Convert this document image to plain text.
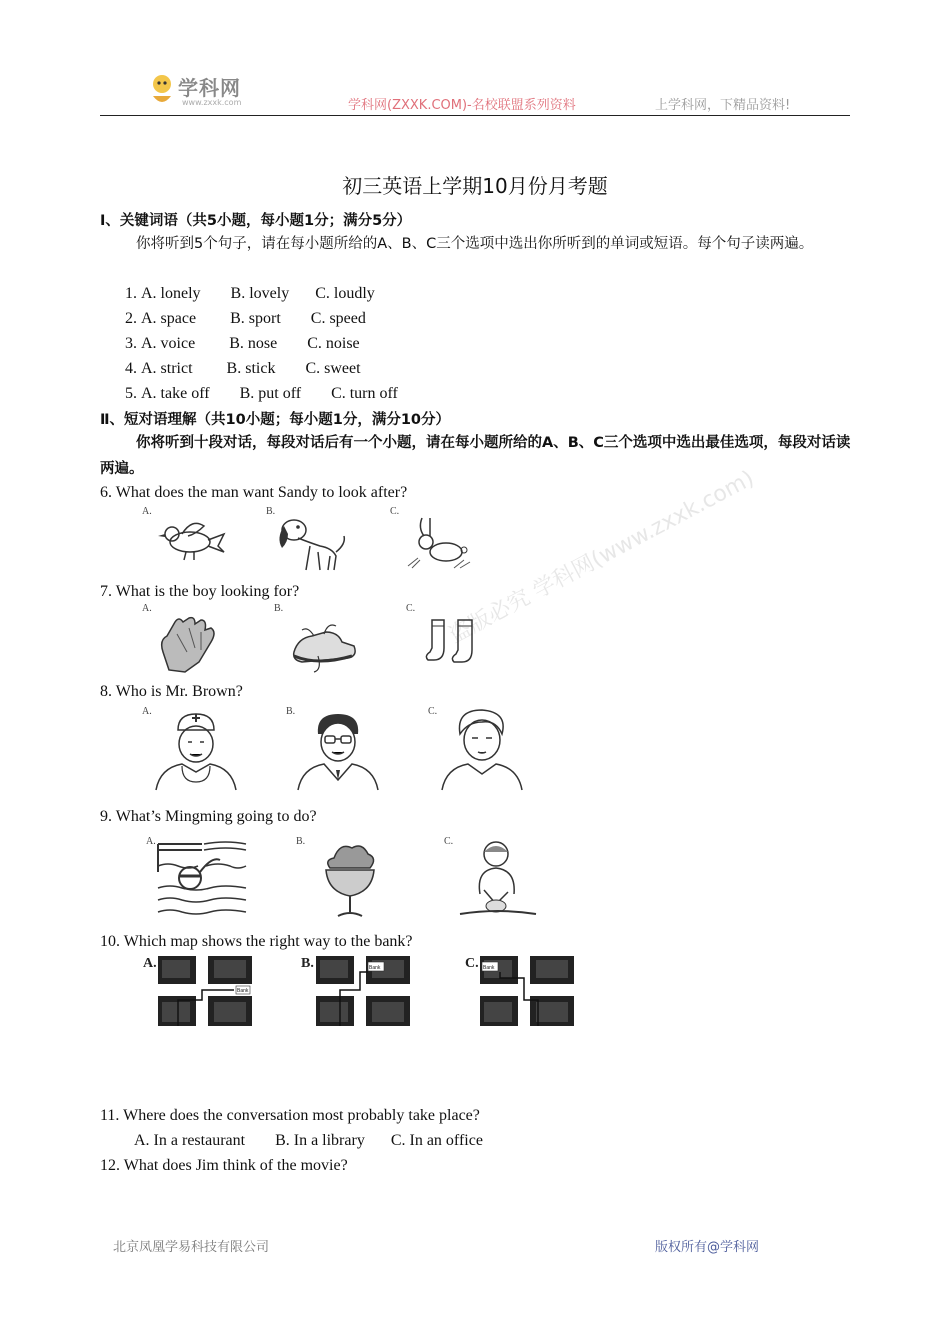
学科网
www.zxxk.com	学科网(ZXXK.COM)-名校联盟系列资料	上学科网，下精品资料!
初三英语上学期10月份月考题
Ⅰ、关键词语（共5小题，每小题1分；满分5分）
你将听到5个句子，请在每小题所给的A、B、C三个选项中选出你所听到的单词或短语。每个句子读两遍。
1. A. lonely B. lovely C. loudly
2. A. space B. sport C. speed
3. A. voice B. nose C. noise
4. A. strict B. stick C. sweet
5. A. take off B. put off C. turn off
Ⅱ、短对语理解（共10小题；每小题1分，满分10分）
你将听到十段对话，每段对话后有一个小题，请在每小题所给的A、B、C三个选项中选出最佳选项，每段对话读两遍。	盗版必究 学科网(www.zxxk.com)
6. What does the man want Sandy to look after?
A.	B.	C.
7. What is the boy looking for?
A.	B.	C.
8. Who is Mr. Brown?
A.	B.	C.
9. What’s Mingming going to do?
A.	B.	C.
10. Which map shows the right way to the bank?
A.
Bank
B.	Bank	C. Bank
11. Where does the conversation most probably take place?
A. In a restaurant B. In a library C. In an office
12. What does Jim think of the movie?
北京凤凰学易科技有限公司	版权所有@学科网
